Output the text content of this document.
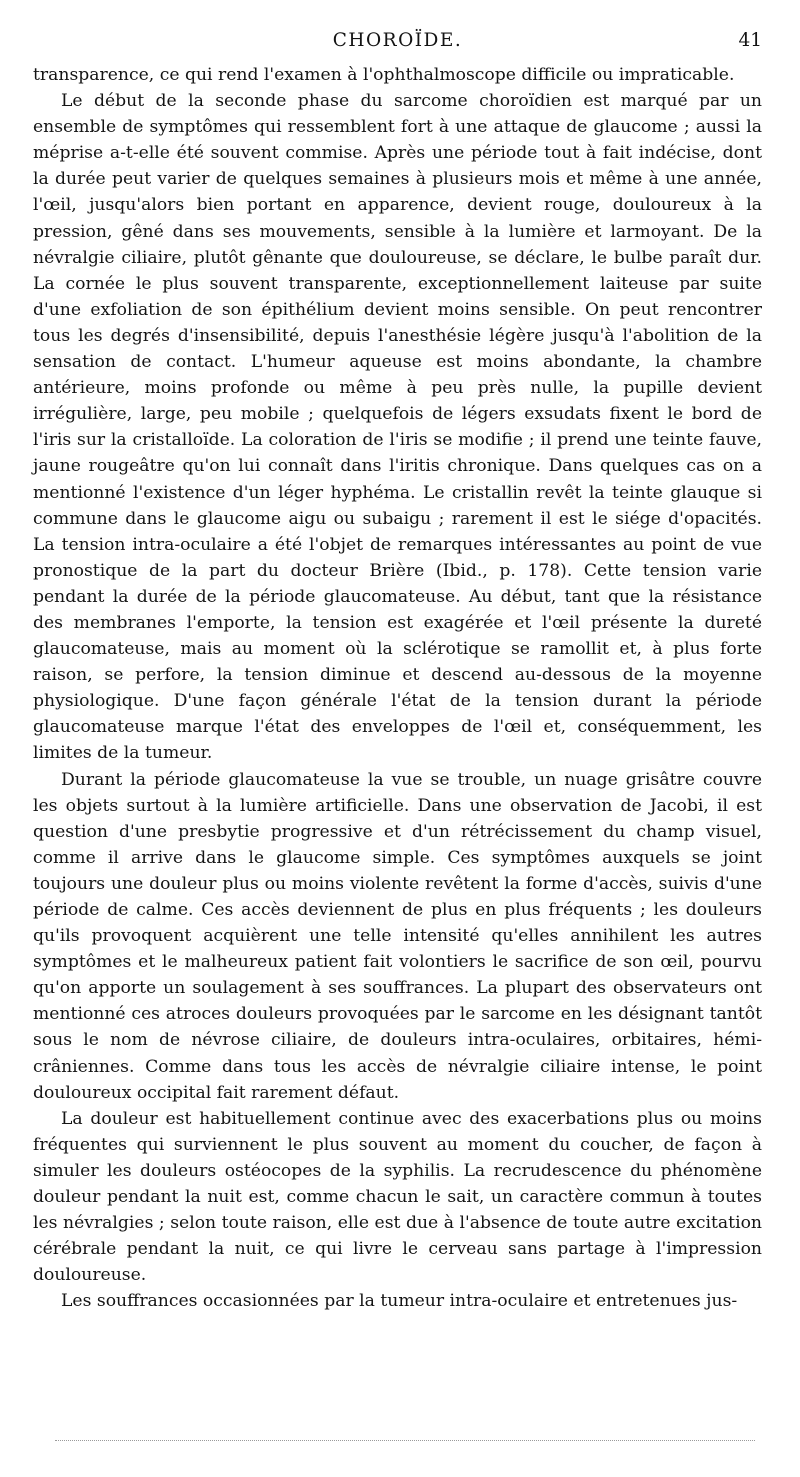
CHOROÏDE.	41

transparence, ce qui rend l'examen à l'ophthalmoscope difficile ou impraticable.

Le début de la seconde phase du sarcome choroïdien est marqué par un ensemble de symptômes qui ressemblent fort à une attaque de glaucome ; aussi la méprise a-t-elle été souvent commise. Après une période tout à fait indécise, dont la durée peut varier de quelques semaines à plusieurs mois et même à une année, l'œil, jusqu'alors bien portant en apparence, devient rouge, douloureux à la pression, gêné dans ses mouvements, sensible à la lumière et larmoyant. De la névralgie ciliaire, plutôt gênante que douloureuse, se déclare, le bulbe paraît dur. La cornée le plus souvent transparente, exceptionnellement laiteuse par suite d'une exfoliation de son épithélium devient moins sensible. On peut rencontrer tous les degrés d'insensibilité, depuis l'anesthésie légère jusqu'à l'abolition de la sensation de contact. L'humeur aqueuse est moins abondante, la chambre antérieure, moins profonde ou même à peu près nulle, la pupille devient irrégulière, large, peu mobile ; quelquefois de légers exsudats fixent le bord de l'iris sur la cristalloïde. La coloration de l'iris se modifie ; il prend une teinte fauve, jaune rougeâtre qu'on lui connaît dans l'iritis chronique. Dans quelques cas on a mentionné l'existence d'un léger hyphéma. Le cristallin revêt la teinte glauque si commune dans le glaucome aigu ou subaigu ; rarement il est le siége d'opacités. La tension intra-oculaire a été l'objet de remarques intéressantes au point de vue pronostique de la part du docteur Brière (Ibid., p. 178). Cette tension varie pendant la durée de la période glaucomateuse. Au début, tant que la résistance des membranes l'emporte, la tension est exagérée et l'œil présente la dureté glaucomateuse, mais au moment où la sclérotique se ramollit et, à plus forte raison, se perfore, la tension diminue et descend au-dessous de la moyenne physiologique. D'une façon générale l'état de la tension durant la période glaucomateuse marque l'état des enveloppes de l'œil et, conséquemment, les limites de la tumeur.

Durant la période glaucomateuse la vue se trouble, un nuage grisâtre couvre les objets surtout à la lumière artificielle. Dans une observation de Jacobi, il est question d'une presbytie progressive et d'un rétrécissement du champ visuel, comme il arrive dans le glaucome simple. Ces symptômes auxquels se joint toujours une douleur plus ou moins violente revêtent la forme d'accès, suivis d'une période de calme. Ces accès deviennent de plus en plus fréquents ; les douleurs qu'ils provoquent acquièrent une telle intensité qu'elles annihilent les autres symptômes et le malheureux patient fait volontiers le sacrifice de son œil, pourvu qu'on apporte un soulagement à ses souffrances. La plupart des observateurs ont mentionné ces atroces douleurs provoquées par le sarcome en les désignant tantôt sous le nom de névrose ciliaire, de douleurs intra-oculaires, orbitaires, hémi-crâniennes. Comme dans tous les accès de névralgie ciliaire intense, le point douloureux occipital fait rarement défaut.

La douleur est habituellement continue avec des exacerbations plus ou moins fréquentes qui surviennent le plus souvent au moment du coucher, de façon à simuler les douleurs ostéocopes de la syphilis. La recrudescence du phénomène douleur pendant la nuit est, comme chacun le sait, un caractère commun à toutes les névralgies ; selon toute raison, elle est due à l'absence de toute autre excitation cérébrale pendant la nuit, ce qui livre le cerveau sans partage à l'impression douloureuse.

Les souffrances occasionnées par la tumeur intra-oculaire et entretenues jus-
